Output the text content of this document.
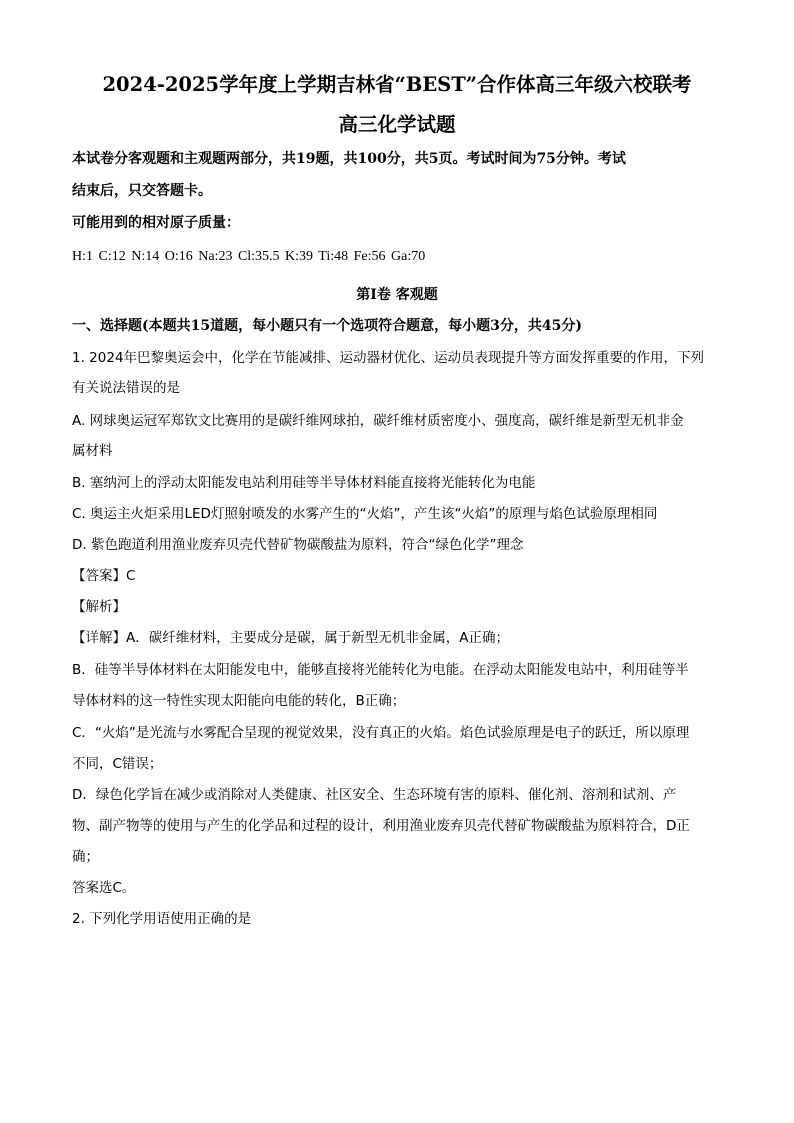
2024-2025学年度上学期吉林省“BEST”合作体高三年级六校联考
高三化学试题
本试卷分客观题和主观题两部分，共19题，共100分，共5页。考试时间为75分钟。考试
结束后，只交答题卡。
可能用到的相对原子质量：
H:1 C:12 N:14 O:16 Na:23 Cl:35.5 K:39 Ti:48 Fe:56 Ga:70
第Ⅰ卷 客观题
一、选择题(本题共15道题，每小题只有一个选项符合题意，每小题3分，共45分)
1. 2024年巴黎奥运会中，化学在节能减排、运动器材优化、运动员表现提升等方面发挥重要的作用，下列
有关说法错误的是
A. 网球奥运冠军郑钦文比赛用的是碳纤维网球拍，碳纤维材质密度小、强度高，碳纤维是新型无机非金
属材料
B. 塞纳河上的浮动太阳能发电站利用硅等半导体材料能直接将光能转化为电能
C. 奥运主火炬采用LED灯照射喷发的水雾产生的“火焰”，产生该“火焰”的原理与焰色试验原理相同
D. 紫色跑道利用渔业废弃贝壳代替矿物碳酸盐为原料，符合“绿色化学”理念
【答案】C
【解析】
【详解】A．碳纤维材料，主要成分是碳，属于新型无机非金属，A正确；
B．硅等半导体材料在太阳能发电中，能够直接将光能转化为电能。在浮动太阳能发电站中，利用硅等半
导体材料的这一特性实现太阳能向电能的转化，B正确；
C．“火焰”是光流与水雾配合呈现的视觉效果，没有真正的火焰。焰色试验原理是电子的跃迁，所以原理
不同，C错误；
D．绿色化学旨在减少或消除对人类健康、社区安全、生态环境有害的原料、催化剂、溶剂和试剂、产
物、副产物等的使用与产生的化学品和过程的设计，利用渔业废弃贝壳代替矿物碳酸盐为原料符合，D正
确；
答案选C。
2. 下列化学用语使用正确的是
